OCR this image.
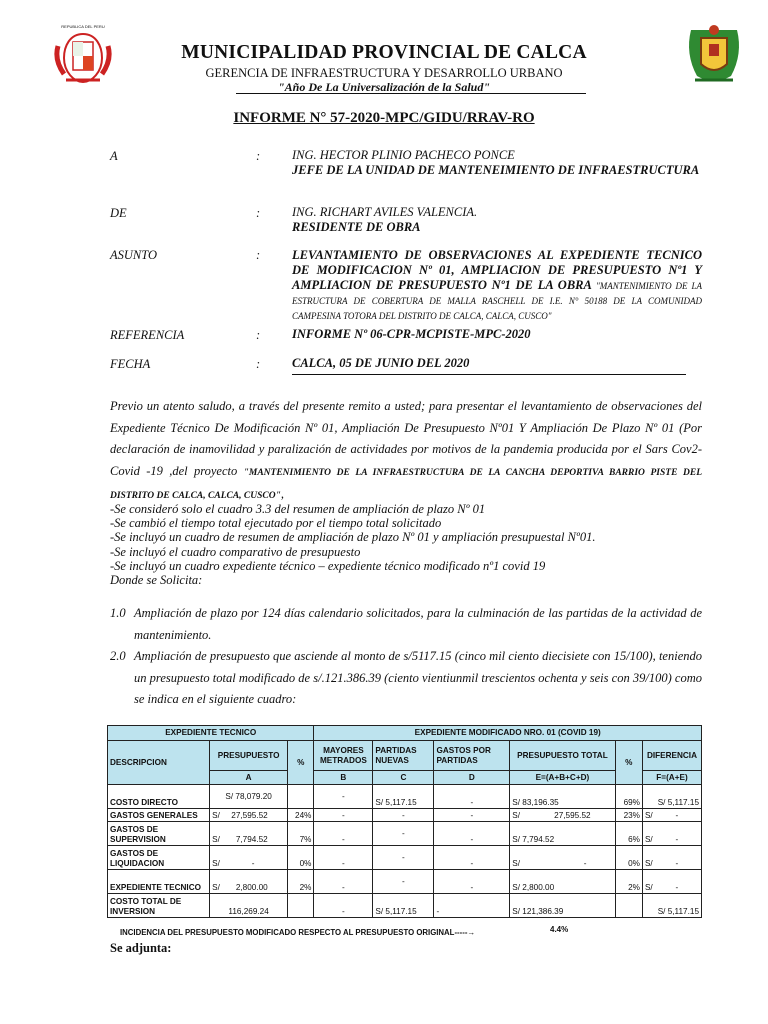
REPUBLICA DEL PERU
MUNICIPALIDAD PROVINCIAL DE CALCA
GERENCIA DE INFRAESTRUCTURA Y DESARROLLO URBANO
"Año De La Universalización de la Salud"
INFORME N° 57-2020-MPC/GIDU/RRAV-RO
A	:	ING. HECTOR PLINIO PACHECO PONCE
JEFE DE LA UNIDAD DE MANTENEIMIENTO DE INFRAESTRUCTURA
DE	:	ING. RICHART AVILES VALENCIA.
RESIDENTE DE OBRA
ASUNTO	:	LEVANTAMIENTO DE OBSERVACIONES AL EXPEDIENTE TECNICO DE MODIFICACION Nº 01, AMPLIACION DE PRESUPUESTO Nº1 Y AMPLIACION DE PRESUPUESTO Nº1 DE LA OBRA "MANTENIMIENTO DE LA ESTRUCTURA DE COBERTURA DE MALLA RASCHELL DE I.E. N° 50188 DE LA COMUNIDAD CAMPESINA TOTORA DEL DISTRITO DE CALCA, CALCA, CUSCO"
REFERENCIA	:	INFORME Nº 06-CPR-MCPISTE-MPC-2020
FECHA	:	CALCA, 05 DE JUNIO DEL 2020
Previo un atento saludo, a través del presente remito a usted; para presentar el levantamiento de observaciones del Expediente Técnico De Modificación Nº 01, Ampliación De Presupuesto Nº01 Y Ampliación De Plazo Nº 01 (Por declaración de inamovilidad y paralización de actividades por motivos de la pandemia producida por el Sars Cov2- Covid -19 ,del proyecto "MANTENIMIENTO DE LA INFRAESTRUCTURA DE LA CANCHA DEPORTIVA BARRIO PISTE DEL DISTRITO DE CALCA, CALCA, CUSCO",
-Se consideró solo el cuadro 3.3 del resumen de ampliación de plazo Nº 01
-Se cambió el tiempo total ejecutado por el tiempo total solicitado
-Se incluyó un cuadro de resumen de ampliación de plazo Nº 01 y ampliación presupuestal Nº01.
-Se incluyó el cuadro comparativo de presupuesto
-Se incluyó un cuadro expediente técnico – expediente técnico modificado nº1 covid 19
Donde se Solicita:
1.0 Ampliación de plazo por 124 días calendario solicitados, para la culminación de las partidas de la actividad de mantenimiento.
2.0 Ampliación de presupuesto que asciende al monto de s/5117.15 (cinco mil ciento diecisiete con 15/100), teniendo un presupuesto total modificado de s/.121.386.39 (ciento vientiunmil trescientos ochenta y seis con 39/100) como se indica en el siguiente cuadro:
EXPEDIENTE TECNICO			EXPEDIENTE MODIFICADO NRO. 01 (COVID 19)					
DESCRIPCION	PRESUPUESTO	%	MAYORES METRADOS	PARTIDAS NUEVAS	GASTOS POR PARTIDAS	PRESUPUESTO TOTAL	%	DIFERENCIA
	A		B	C	D	E=(A+B+C+D)		F=(A+E)
COSTO DIRECTO	S/ 78,079.20		-	S/ 5,117.15	-	S/ 83,196.35	69%	S/ 5,117.15
GASTOS GENERALES	S/     27,595.52	24%	-	-	-	S/               27,595.52	23%	S/          -
GASTOS DE SUPERVISION	S/       7,794.52	7%	-	-	-	S/ 7,794.52	6%	S/          -
GASTOS DE LIQUIDACION	S/              -	0%	-	-	-	S/                            -	0%	S/          -
EXPEDIENTE TECNICO	S/       2,800.00	2%	-	-	-	S/ 2,800.00	2%	S/          -
COSTO TOTAL DE INVERSION	116,269.24		-	S/ 5,117.15	-	S/ 121,386.39		S/ 5,117.15
INCIDENCIA DEL PRESUPUESTO MODIFICADO RESPECTO AL PRESUPUESTO ORIGINAL-----→	4.4%
Se adjunta:
